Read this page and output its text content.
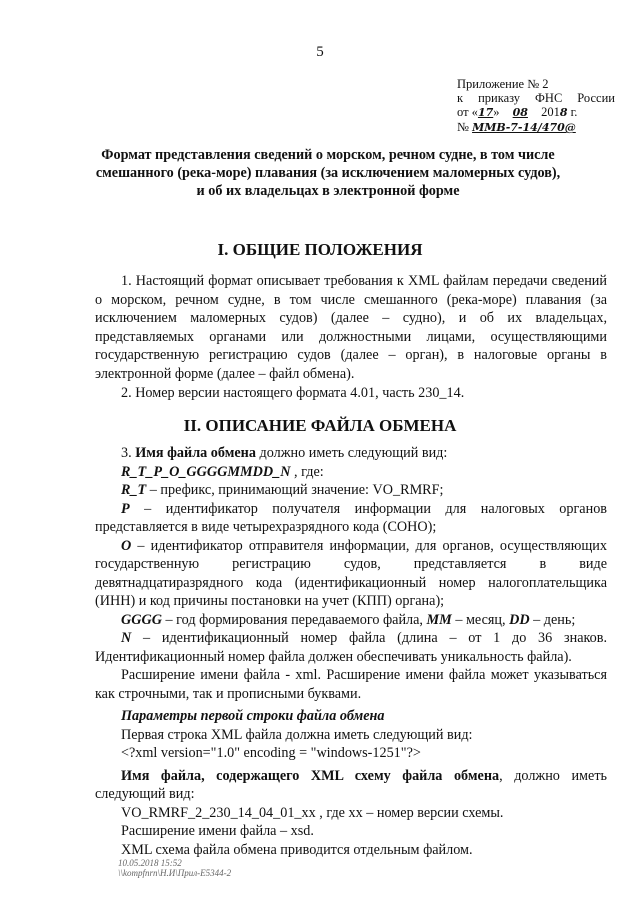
5
Приложение № 2
к приказу ФНС России
от «17» 08 2018 г.
№ ММВ-7-14/470@
Формат представления сведений о морском, речном судне, в том числе
смешанного (река-море) плавания (за исключением маломерных судов),
и об их владельцах в электронной форме
I. ОБЩИЕ ПОЛОЖЕНИЯ
1. Настоящий формат описывает требования к XML файлам передачи сведений о морском, речном судне, в том числе смешанного (река-море) плавания (за исключением маломерных судов) (далее – судно), и об их владельцах, представляемых органами или должностными лицами, осуществляющими государственную регистрацию судов (далее – орган), в налоговые органы в электронной форме (далее – файл обмена).
2. Номер версии настоящего формата 4.01, часть 230_14.
II. ОПИСАНИЕ ФАЙЛА ОБМЕНА
3. Имя файла обмена должно иметь следующий вид:
R_T_P_O_GGGGMMDD_N , где:
R_T – префикс, принимающий значение: VO_RMRF;
P – идентификатор получателя информации для налоговых органов представляется в виде четырехразрядного кода (СОНО);
O – идентификатор отправителя информации, для органов, осуществляющих государственную регистрацию судов, представляется в виде девятнадцатиразрядного кода (идентификационный номер налогоплательщика (ИНН) и код причины постановки на учет (КПП) органа);
GGGG – год формирования передаваемого файла, MM – месяц, DD – день;
N – идентификационный номер файла (длина – от 1 до 36 знаков. Идентификационный номер файла должен обеспечивать уникальность файла).
Расширение имени файла - xml. Расширение имени файла может указываться как строчными, так и прописными буквами.
Параметры первой строки файла обмена
Первая строка XML файла должна иметь следующий вид:
<?xml version="1.0" encoding = "windows-1251"?>
Имя файла, содержащего XML схему файла обмена, должно иметь следующий вид:
VO_RMRF_2_230_14_04_01_xx , где хх – номер версии схемы.
Расширение имени файла – xsd.
XML схема файла обмена приводится отдельным файлом.
10.05.2018 15:52
\\kompfnrn\Н.И\Прил-Е5344-2
